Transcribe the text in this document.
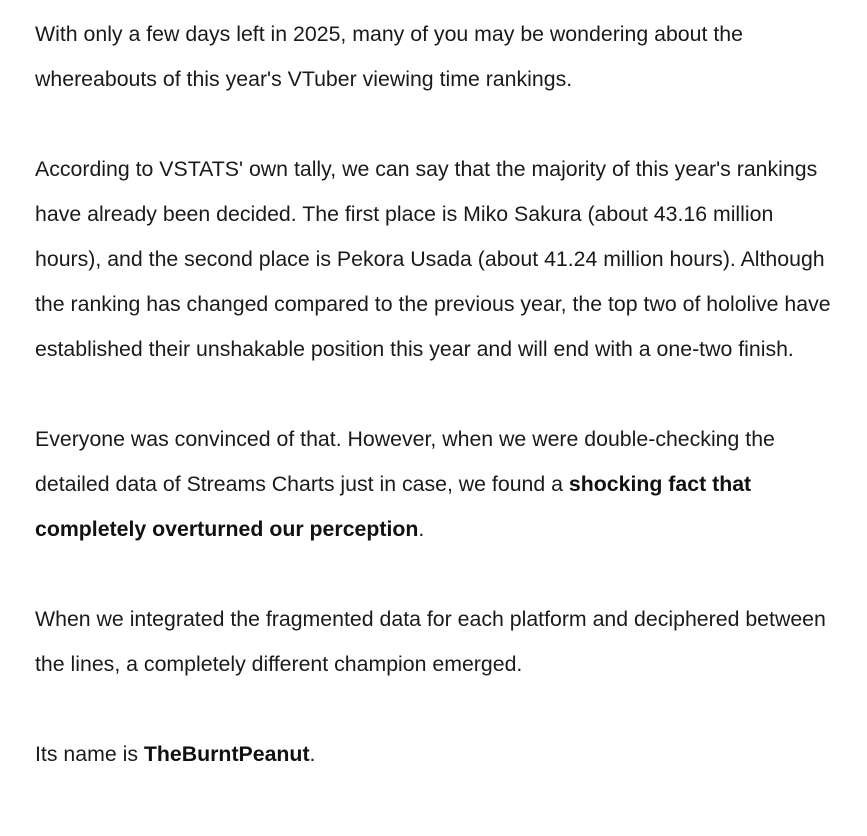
With only a few days left in 2025, many of you may be wondering about the whereabouts of this year's VTuber viewing time rankings.

According to VSTATS' own tally, we can say that the majority of this year's rankings have already been decided. The first place is Miko Sakura (about 43.16 million hours), and the second place is Pekora Usada (about 41.24 million hours). Although the ranking has changed compared to the previous year, the top two of hololive have established their unshakable position this year and will end with a one-two finish.

Everyone was convinced of that. However, when we were double-checking the detailed data of Streams Charts just in case, we found a shocking fact that completely overturned our perception.

When we integrated the fragmented data for each platform and deciphered between the lines, a completely different champion emerged.

Its name is TheBurntPeanut.
